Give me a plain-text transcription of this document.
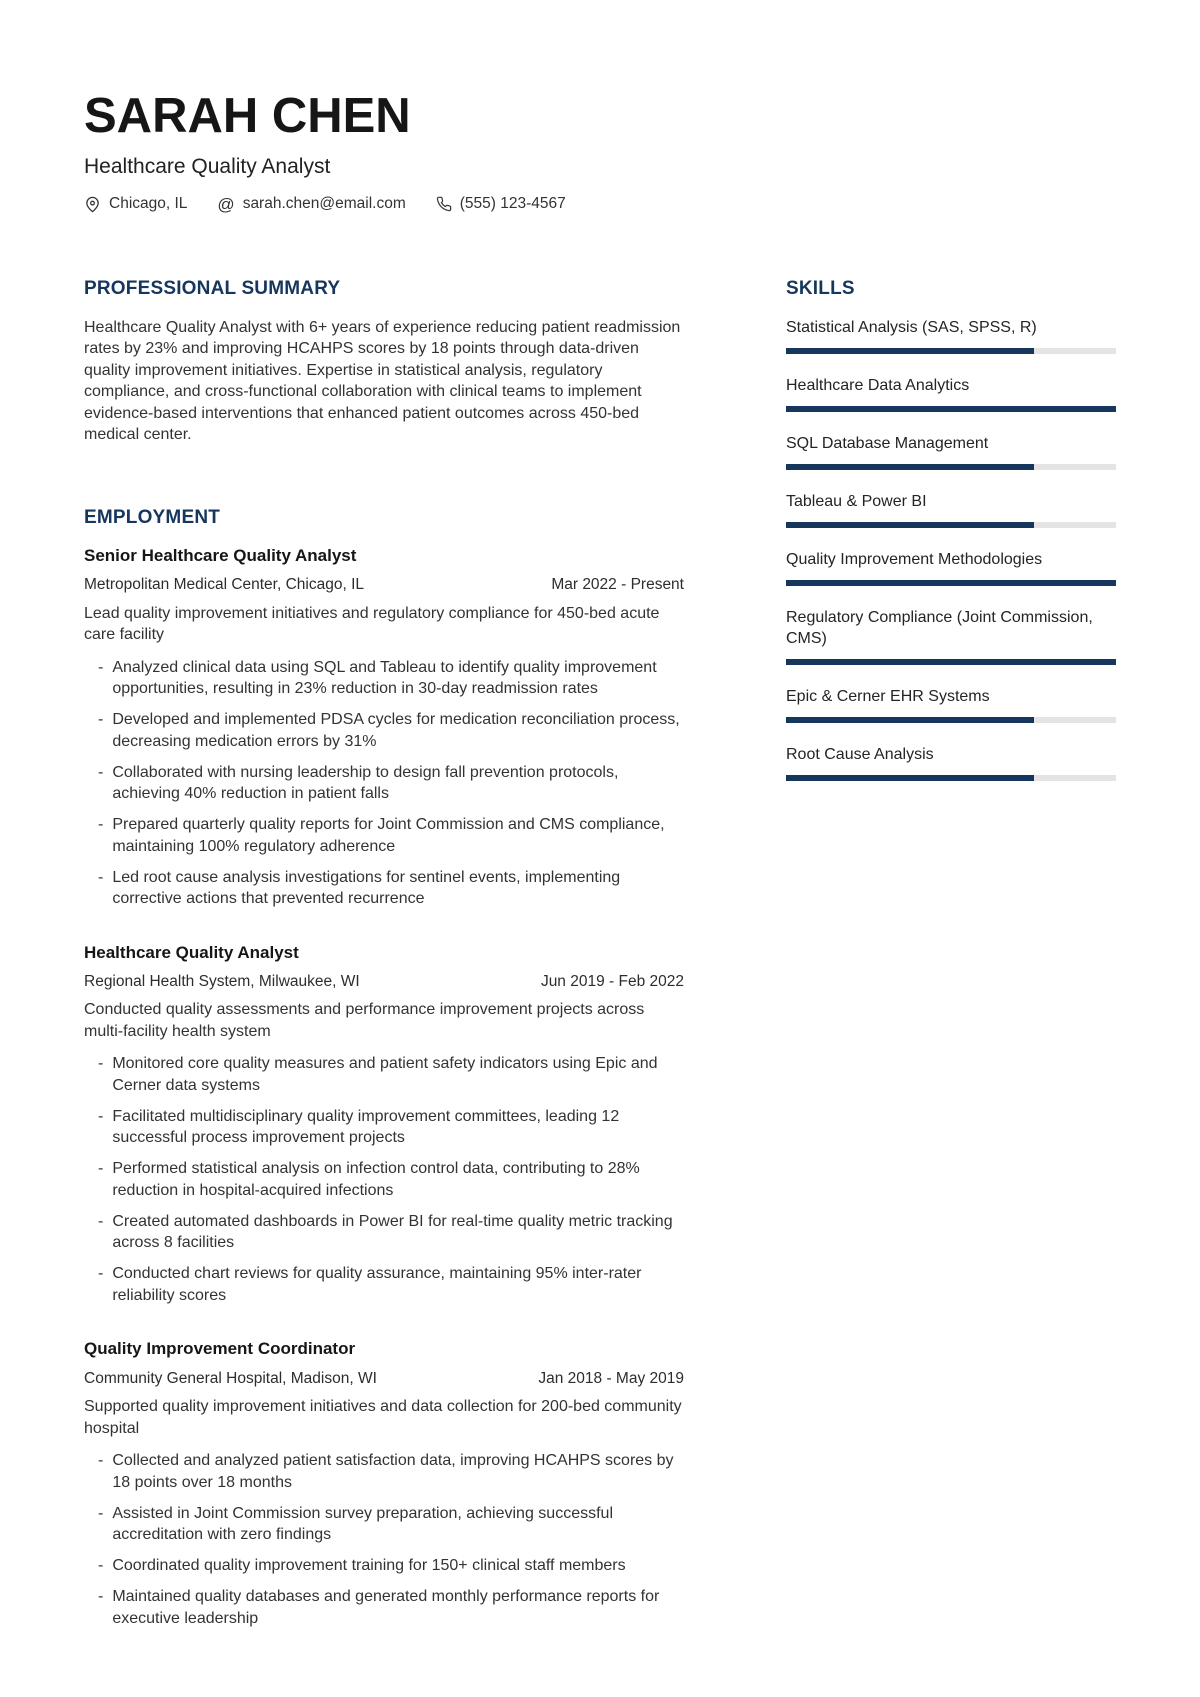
SARAH CHEN
Healthcare Quality Analyst
Chicago, IL @ sarah.chen@email.com	(555) 123-4567
PROFESSIONAL SUMMARY

Healthcare Quality Analyst with 6+ years of experience reducing patient readmission rates by 23% and improving HCAHPS scores by 18 points through data-driven quality improvement initiatives. Expertise in statistical analysis, regulatory compliance, and cross-functional collaboration with clinical teams to implement evidence-based interventions that enhanced patient outcomes across 450-bed medical center.

EMPLOYMENT
Senior Healthcare Quality Analyst
Metropolitan Medical Center, Chicago, IL	Mar 2022 - Present

Lead quality improvement initiatives and regulatory compliance for 450-bed acute care facility

-
Analyzed clinical data using SQL and Tableau to identify quality improvement opportunities, resulting in 23% reduction in 30-day readmission rates
-
Developed and implemented PDSA cycles for medication reconciliation process, decreasing medication errors by 31%
-
Collaborated with nursing leadership to design fall prevention protocols, achieving 40% reduction in patient falls
-
Prepared quarterly quality reports for Joint Commission and CMS compliance, maintaining 100% regulatory adherence
-
Led root cause analysis investigations for sentinel events, implementing corrective actions that prevented recurrence
Healthcare Quality Analyst
Regional Health System, Milwaukee, WI	Jun 2019 - Feb 2022

Conducted quality assessments and performance improvement projects across multi-facility health system

-
Monitored core quality measures and patient safety indicators using Epic and Cerner data systems
-
Facilitated multidisciplinary quality improvement committees, leading 12 successful process improvement projects
-
Performed statistical analysis on infection control data, contributing to 28% reduction in hospital-acquired infections
-
Created automated dashboards in Power BI for real-time quality metric tracking across 8 facilities
-
Conducted chart reviews for quality assurance, maintaining 95% inter-rater reliability scores
Quality Improvement Coordinator
Community General Hospital, Madison, WI	Jan 2018 - May 2019

Supported quality improvement initiatives and data collection for 200-bed community hospital

-
Collected and analyzed patient satisfaction data, improving HCAHPS scores by 18 points over 18 months
-
Assisted in Joint Commission survey preparation, achieving successful accreditation with zero findings
-
Coordinated quality improvement training for 150+ clinical staff members
-
Maintained quality databases and generated monthly performance reports for executive leadership
SKILLS
Statistical Analysis (SAS, SPSS, R)
Healthcare Data Analytics
SQL Database Management
Tableau & Power BI
Quality Improvement Methodologies
Regulatory Compliance (Joint Commission, CMS)
Epic & Cerner EHR Systems
Root Cause Analysis
